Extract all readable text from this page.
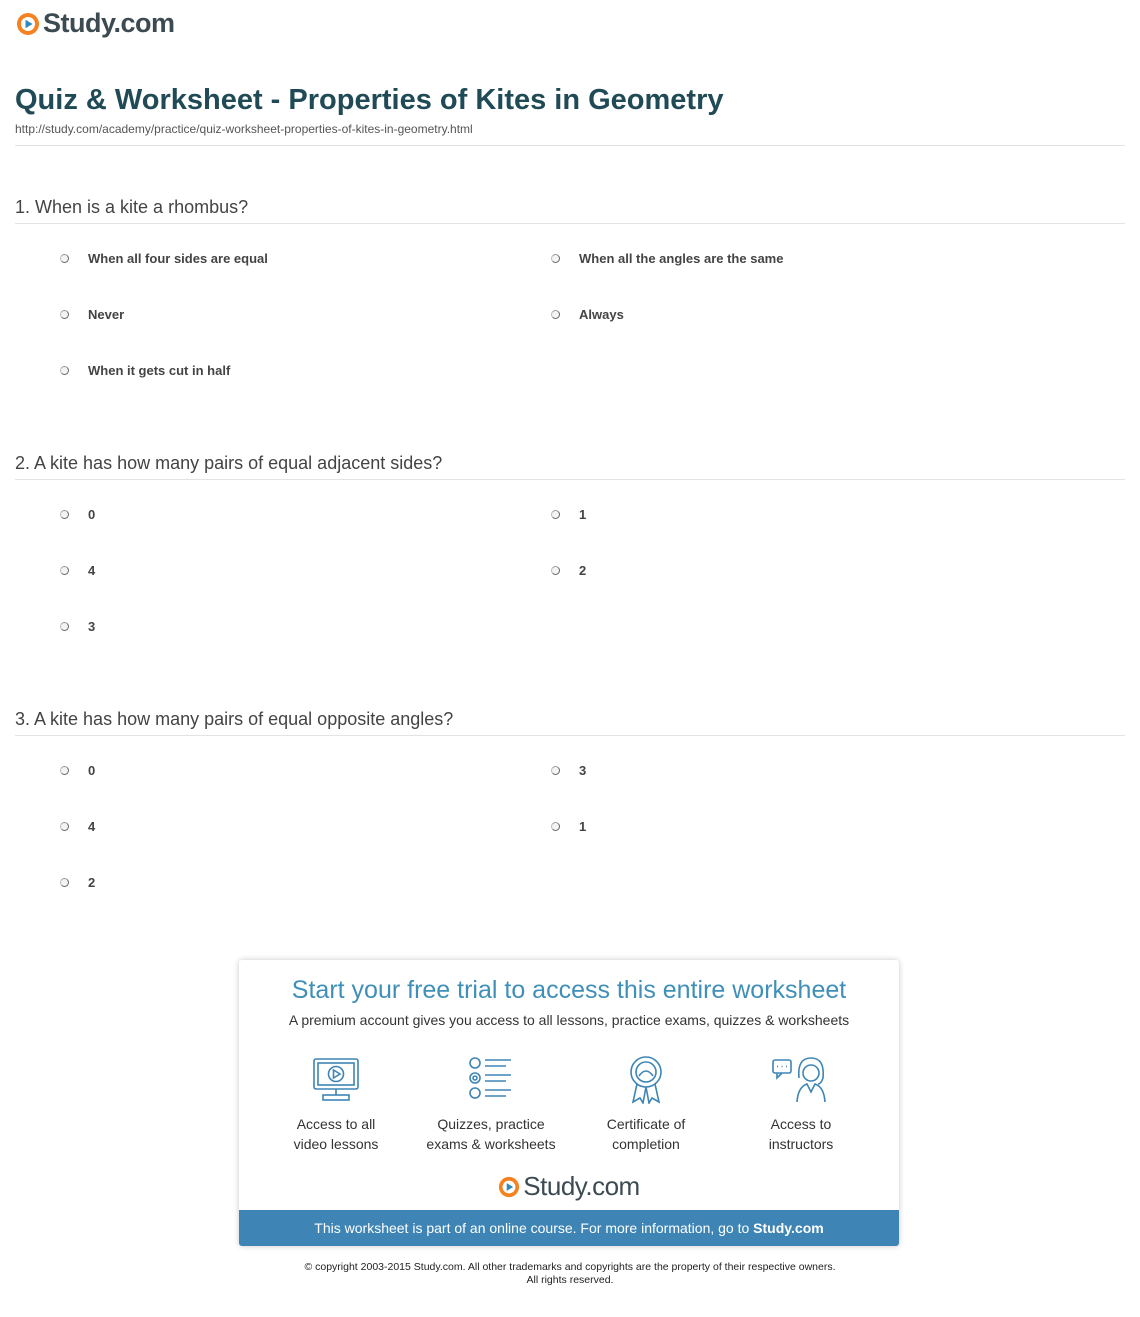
Study.com
Quiz & Worksheet - Properties of Kites in Geometry
http://study.com/academy/practice/quiz-worksheet-properties-of-kites-in-geometry.html
1. When is a kite a rhombus?
When all four sides are equal	When all the angles are the same
Never	Always
When it gets cut in half
2. A kite has how many pairs of equal adjacent sides?
0	1
4	2
3
3. A kite has how many pairs of equal opposite angles?
0	3
4	1
2
Start your free trial to access this entire worksheet
A premium account gives you access to all lessons, practice exams, quizzes & worksheets
Access to all
video lessons
Quizzes, practice
exams & worksheets
Certificate of
completion
Access to
instructors
Study.com
This worksheet is part of an online course. For more information, go to Study.com
© copyright 2003-2015 Study.com. All other trademarks and copyrights are the property of their respective owners.
All rights reserved.
